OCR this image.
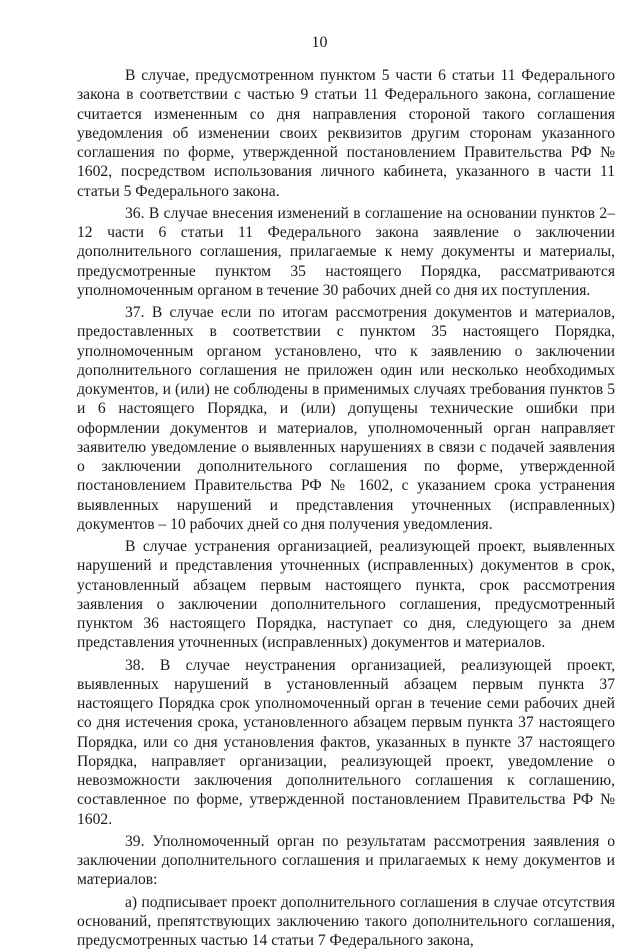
10

В случае, предусмотренном пунктом 5 части 6 статьи 11 Федерального закона в соответствии с частью 9 статьи 11 Федерального закона, соглашение считается измененным со дня направления стороной такого соглашения уведомления об изменении своих реквизитов другим сторонам указанного соглашения по форме, утвержденной постановлением Правительства РФ № 1602, посредством использования личного кабинета, указанного в части 11 статьи 5 Федерального закона.

36. В случае внесения изменений в соглашение на основании пунктов 2–12 части 6 статьи 11 Федерального закона заявление о заключении дополнительного соглашения, прилагаемые к нему документы и материалы, предусмотренные пунктом 35 настоящего Порядка, рассматриваются уполномоченным органом в течение 30 рабочих дней со дня их поступления.

37. В случае если по итогам рассмотрения документов и материалов, предоставленных в соответствии с пунктом 35 настоящего Порядка, уполномоченным органом установлено, что к заявлению о заключении дополнительного соглашения не приложен один или несколько необходимых документов, и (или) не соблюдены в применимых случаях требования пунктов 5 и 6 настоящего Порядка, и (или) допущены технические ошибки при оформлении документов и материалов, уполномоченный орган направляет заявителю уведомление о выявленных нарушениях в связи с подачей заявления о заключении дополнительного соглашения по форме, утвержденной постановлением Правительства РФ № 1602, с указанием срока устранения выявленных нарушений и представления уточненных (исправленных) документов – 10 рабочих дней со дня получения уведомления.

В случае устранения организацией, реализующей проект, выявленных нарушений и представления уточненных (исправленных) документов в срок, установленный абзацем первым настоящего пункта, срок рассмотрения заявления о заключении дополнительного соглашения, предусмотренный пунктом 36 настоящего Порядка, наступает со дня, следующего за днем представления уточненных (исправленных) документов и материалов.

38. В случае неустранения организацией, реализующей проект, выявленных нарушений в установленный абзацем первым пункта 37 настоящего Порядка срок уполномоченный орган в течение семи рабочих дней со дня истечения срока, установленного абзацем первым пункта 37 настоящего Порядка, или со дня установления фактов, указанных в пункте 37 настоящего Порядка, направляет организации, реализующей проект, уведомление о невозможности заключения дополнительного соглашения к соглашению, составленное по форме, утвержденной постановлением Правительства РФ № 1602.

39. Уполномоченный орган по результатам рассмотрения заявления о заключении дополнительного соглашения и прилагаемых к нему документов и материалов:

а) подписывает проект дополнительного соглашения в случае отсутствия оснований, препятствующих заключению такого дополнительного соглашения, предусмотренных частью 14 статьи 7 Федерального закона,
